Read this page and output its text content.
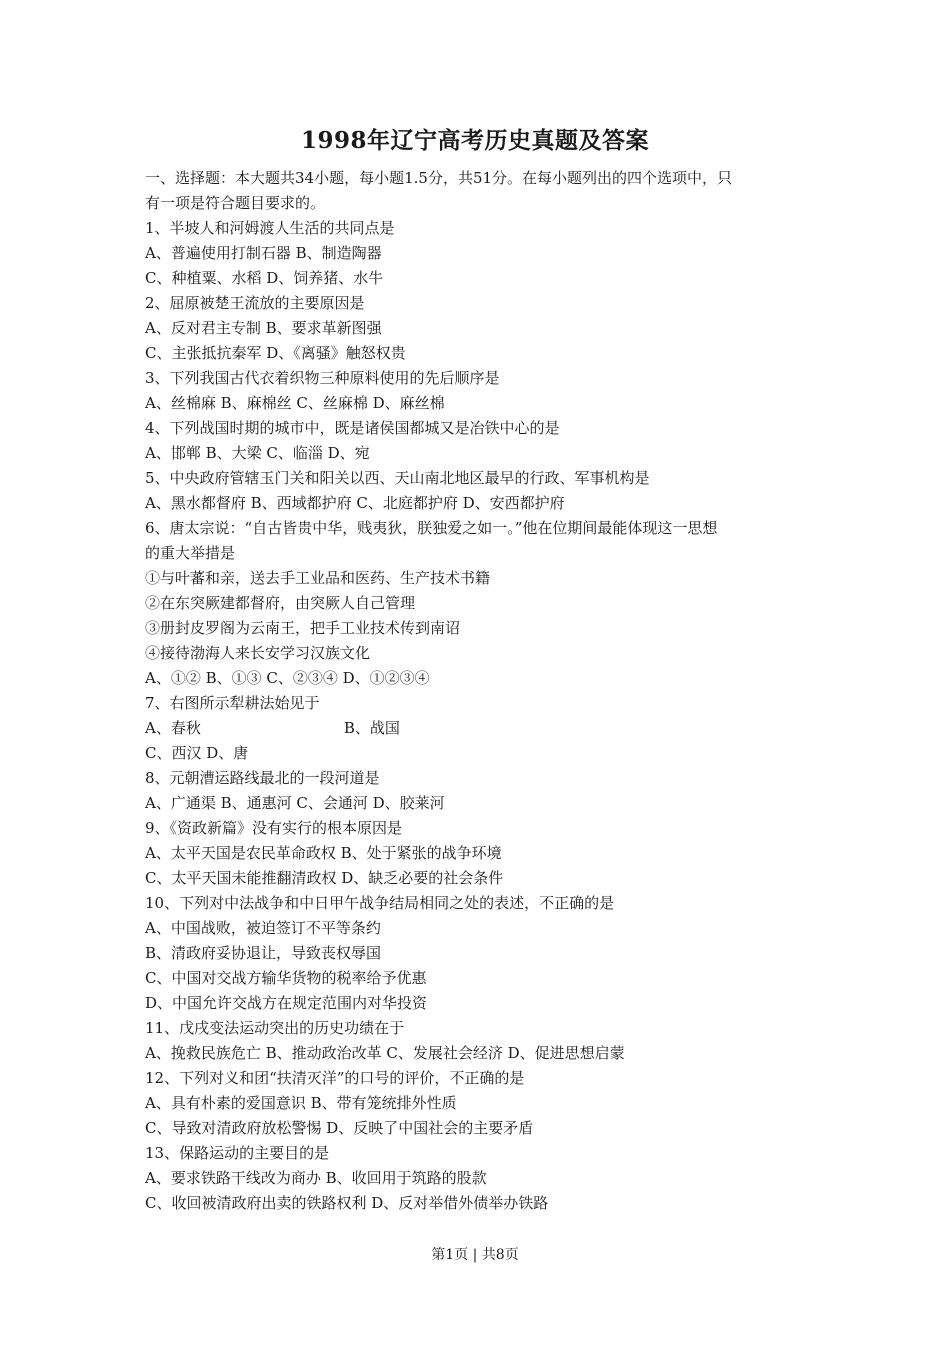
1998年辽宁高考历史真题及答案
一、选择题：本大题共34小题，每小题1.5分，共51分。在每小题列出的四个选项中，只
有一项是符合题目要求的。
1、半坡人和河姆渡人生活的共同点是
A、普遍使用打制石器 B、制造陶器
C、种植粟、水稻 D、饲养猪、水牛
2、屈原被楚王流放的主要原因是
A、反对君主专制 B、要求革新图强
C、主张抵抗秦军 D、《离骚》触怒权贵
3、下列我国古代衣着织物三种原料使用的先后顺序是
A、丝棉麻 B、麻棉丝 C、丝麻棉 D、麻丝棉
4、下列战国时期的城市中，既是诸侯国都城又是冶铁中心的是
A、邯郸 B、大梁 C、临淄 D、宛
5、中央政府管辖玉门关和阳关以西、天山南北地区最早的行政、军事机构是
A、黑水都督府 B、西域都护府 C、北庭都护府 D、安西都护府
6、唐太宗说：“自古皆贵中华，贱夷狄，朕独爱之如一。”他在位期间最能体现这一思想
的重大举措是
①与叶蕃和亲，送去手工业品和医药、生产技术书籍
②在东突厥建都督府，由突厥人自己管理
③册封皮罗阁为云南王，把手工业技术传到南诏
④接待渤海人来长安学习汉族文化
A、①② B、①③ C、②③④ D、①②③④
7、右图所示犁耕法始见于
A、春秋                              B、战国
C、西汉 D、唐
8、元朝漕运路线最北的一段河道是
A、广通渠 B、通惠河 C、会通河 D、胶莱河
9、《资政新篇》没有实行的根本原因是
A、太平天国是农民革命政权 B、处于紧张的战争环境
C、太平天国未能推翻清政权 D、缺乏必要的社会条件
10、下列对中法战争和中日甲午战争结局相同之处的表述，不正确的是
A、中国战败，被迫签订不平等条约
B、清政府妥协退让，导致丧权辱国
C、中国对交战方输华货物的税率给予优惠
D、中国允许交战方在规定范围内对华投资
11、戊戌变法运动突出的历史功绩在于
A、挽救民族危亡 B、推动政治改革 C、发展社会经济 D、促进思想启蒙
12、下列对义和团“扶清灭洋”的口号的评价，不正确的是
A、具有朴素的爱国意识 B、带有笼统排外性质
C、导致对清政府放松警惕 D、反映了中国社会的主要矛盾
13、保路运动的主要目的是
A、要求铁路干线改为商办 B、收回用于筑路的股款
C、收回被清政府出卖的铁路权利 D、反对举借外债举办铁路
第1页 | 共8页
